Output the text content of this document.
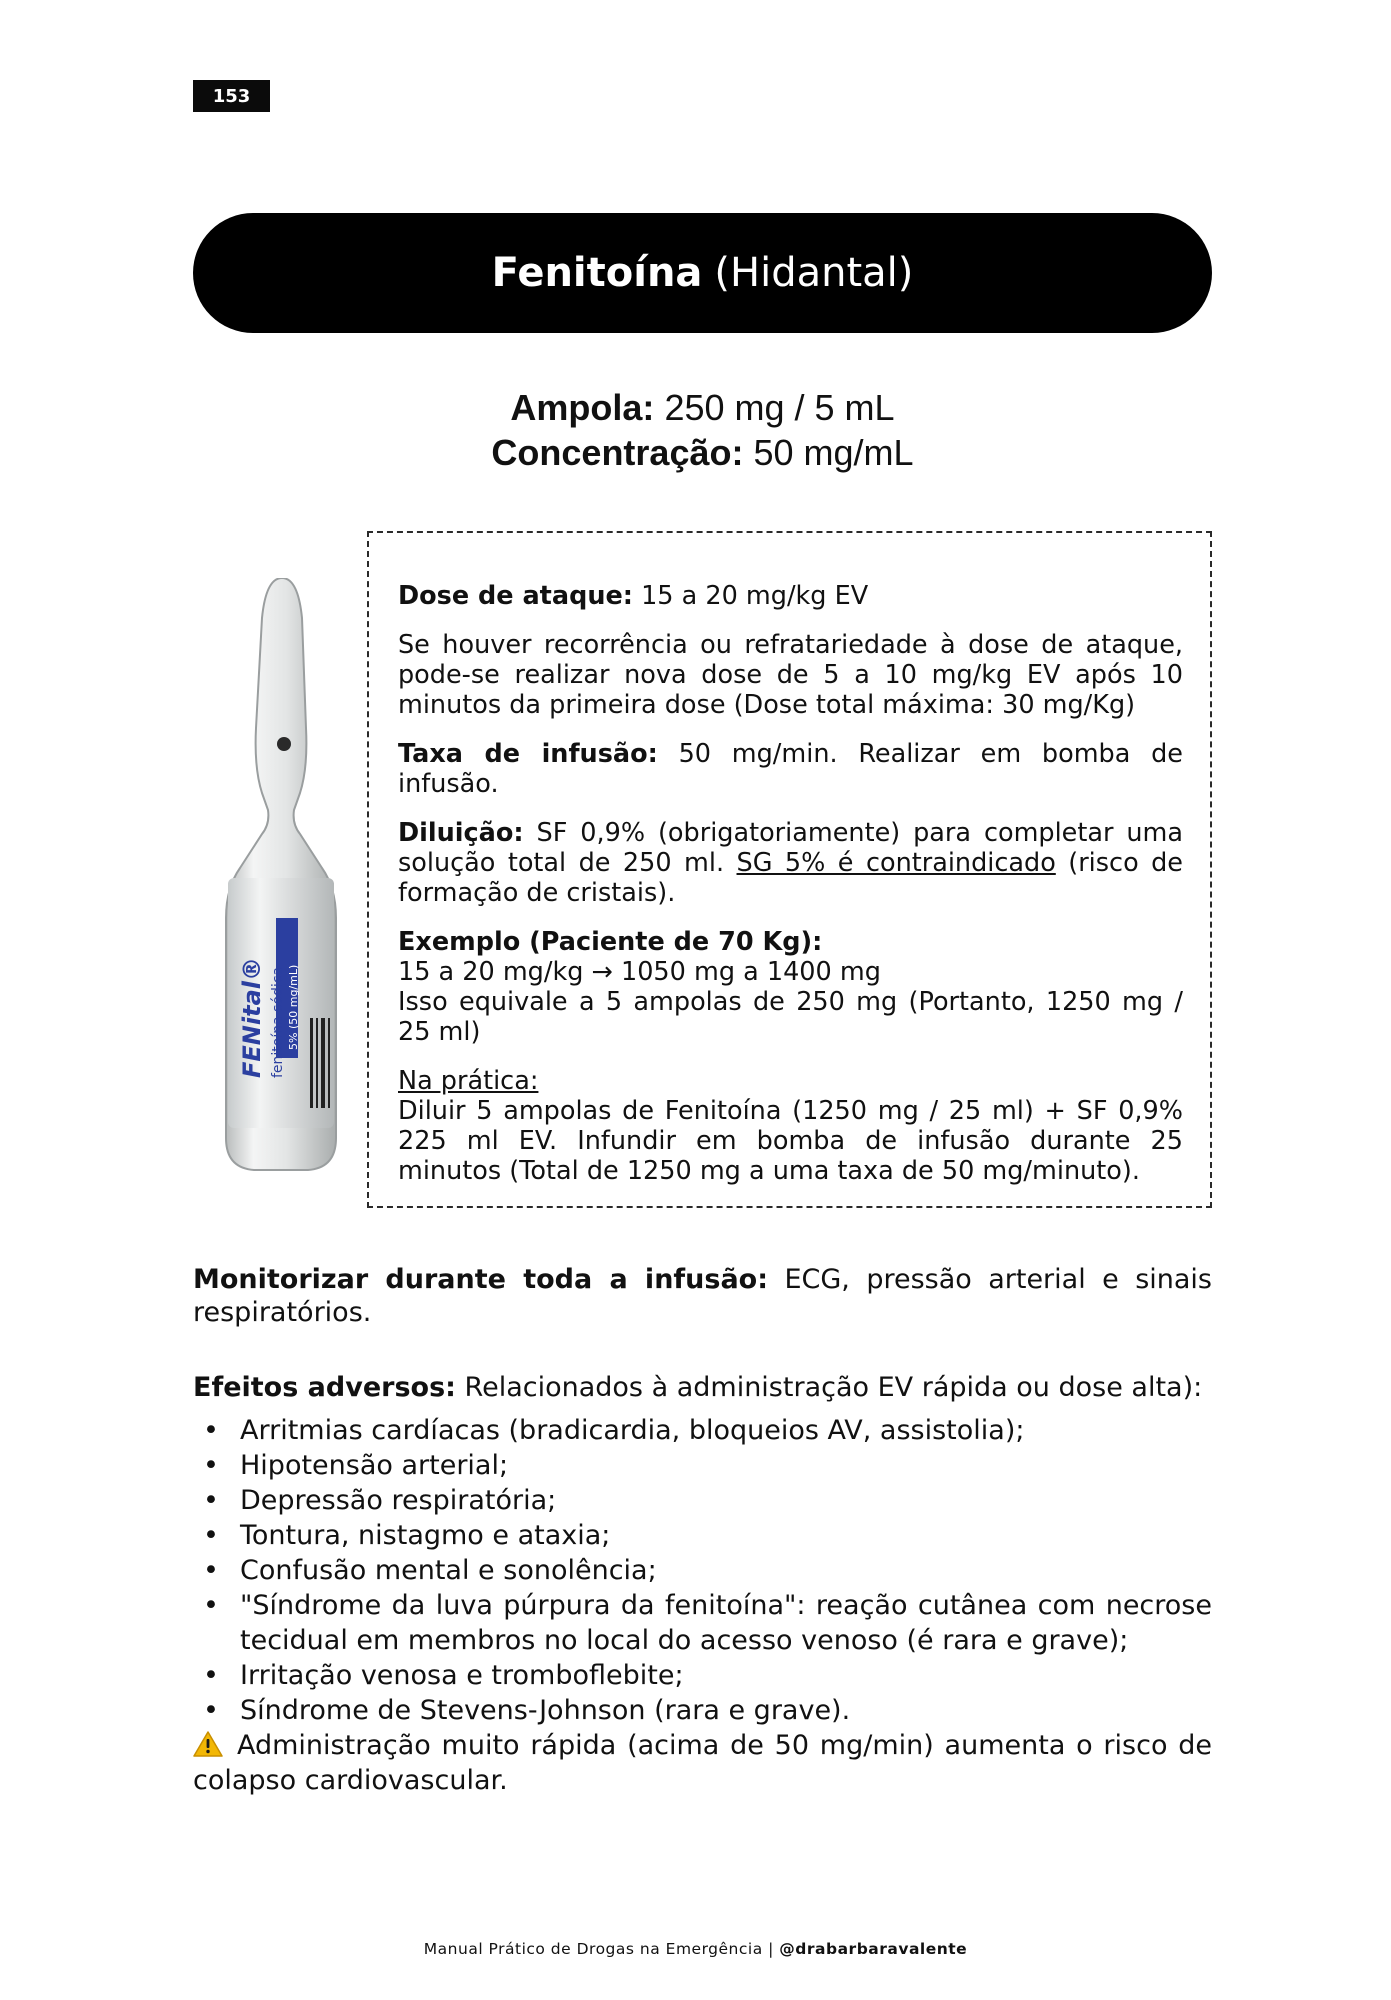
153
Fenitoína (Hidantal)
Ampola: 250 mg / 5 mL
Concentração: 50 mg/mL
FENital® fenitoína sódica 5% (50 mg/mL)

Dose de ataque: 15 a 20 mg/kg EV

Se houver recorrência ou refratariedade à dose de ataque, pode-se realizar nova dose de 5 a 10 mg/kg EV após 10 minutos da primeira dose (Dose total máxima: 30 mg/Kg)

Taxa de infusão: 50 mg/min. Realizar em bomba de infusão.

Diluição: SF 0,9% (obrigatoriamente) para completar uma solução total de 250 ml. SG 5% é contraindicado (risco de formação de cristais).

Exemplo (Paciente de 70 Kg):
15 a 20 mg/kg → 1050 mg a 1400 mg
Isso equivale a 5 ampolas de 250 mg (Portanto, 1250 mg / 25 ml)

Na prática:
Diluir 5 ampolas de Fenitoína (1250 mg / 25 ml) + SF 0,9% 225 ml EV. Infundir em bomba de infusão durante 25 minutos (Total de 1250 mg a uma taxa de 50 mg/minuto).

Monitorizar durante toda a infusão: ECG, pressão arterial e sinais respiratórios.

Efeitos adversos: Relacionados à administração EV rápida ou dose alta):

• Arritmias cardíacas (bradicardia, bloqueios AV, assistolia);
• Hipotensão arterial;
• Depressão respiratória;
• Tontura, nistagmo e ataxia;
• Confusão mental e sonolência;
• "Síndrome da luva púrpura da fenitoína": reação cutânea com necrose tecidual em membros no local do acesso venoso (é rara e grave);
• Irritação venosa e tromboflebite;
• Síndrome de Stevens-Johnson (rara e grave).
Administração muito rápida (acima de 50 mg/min) aumenta o risco de colapso cardiovascular.
Manual Prático de Drogas na Emergência | @drabarbaravalente
